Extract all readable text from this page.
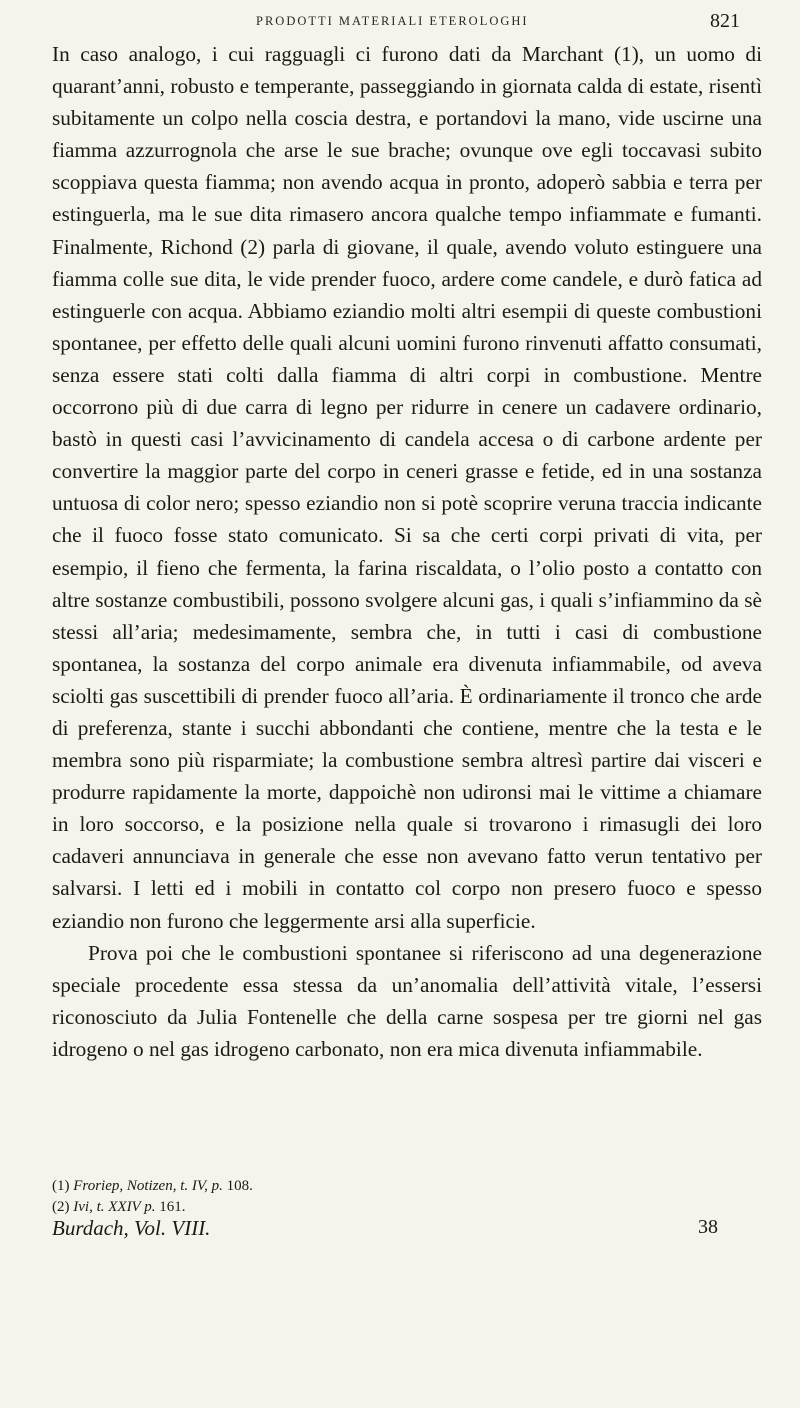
PRODOTTI MATERIALI ETEROLOGHI	821

In caso analogo, i cui ragguagli ci furono dati da Marchant (1), un uomo di quarant’anni, robusto e temperante, passeggiando in giornata calda di estate, risentì subitamente un colpo nella coscia destra, e portandovi la mano, vide uscirne una fiamma azzurrognola che arse le sue brache; ovunque ove egli toccavasi subito scoppiava questa fiamma; non avendo acqua in pronto, adoperò sabbia e terra per estinguerla, ma le sue dita rimasero ancora qualche tempo infiammate e fumanti. Finalmente, Richond (2) parla di giovane, il quale, avendo voluto estinguere una fiamma colle sue dita, le vide prender fuoco, ardere come candele, e durò fatica ad estinguerle con acqua. Abbiamo eziandio molti altri esempii di queste combustioni spontanee, per effetto delle quali alcuni uomini furono rinvenuti affatto consumati, senza essere stati colti dalla fiamma di altri corpi in combustione. Mentre occorrono più di due carra di legno per ridurre in cenere un cadavere ordinario, bastò in questi casi l’avvicinamento di candela accesa o di carbone ardente per convertire la maggior parte del corpo in ceneri grasse e fetide, ed in una sostanza untuosa di color nero; spesso eziandio non si potè scoprire veruna traccia indicante che il fuoco fosse stato comunicato. Si sa che certi corpi privati di vita, per esempio, il fieno che fermenta, la farina riscaldata, o l’olio posto a contatto con altre sostanze combustibili, possono svolgere alcuni gas, i quali s’infiammino da sè stessi all’aria; medesimamente, sembra che, in tutti i casi di combustione spontanea, la sostanza del corpo animale era divenuta infiammabile, od aveva sciolti gas suscettibili di prender fuoco all’aria. È ordinariamente il tronco che arde di preferenza, stante i succhi abbondanti che contiene, mentre che la testa e le membra sono più risparmiate; la combustione sembra altresì partire dai visceri e produrre rapidamente la morte, dappoichè non udironsi mai le vittime a chiamare in loro soccorso, e la posizione nella quale si trovarono i rimasugli dei loro cadaveri annunciava in generale che esse non avevano fatto verun tentativo per salvarsi. I letti ed i mobili in contatto col corpo non presero fuoco e spesso eziandio non furono che leggermente arsi alla superficie.

Prova poi che le combustioni spontanee si riferiscono ad una degenerazione speciale procedente essa stessa da un’anomalia dell’attività vitale, l’essersi riconosciuto da Julia Fontenelle che della carne sospesa per tre giorni nel gas idrogeno o nel gas idrogeno carbonato, non era mica divenuta infiammabile.

(1) Froriep, Notizen, t. IV, p. 108.

(2) Ivi, t. XXIV p. 161.

Burdach, Vol. VIII.	38
